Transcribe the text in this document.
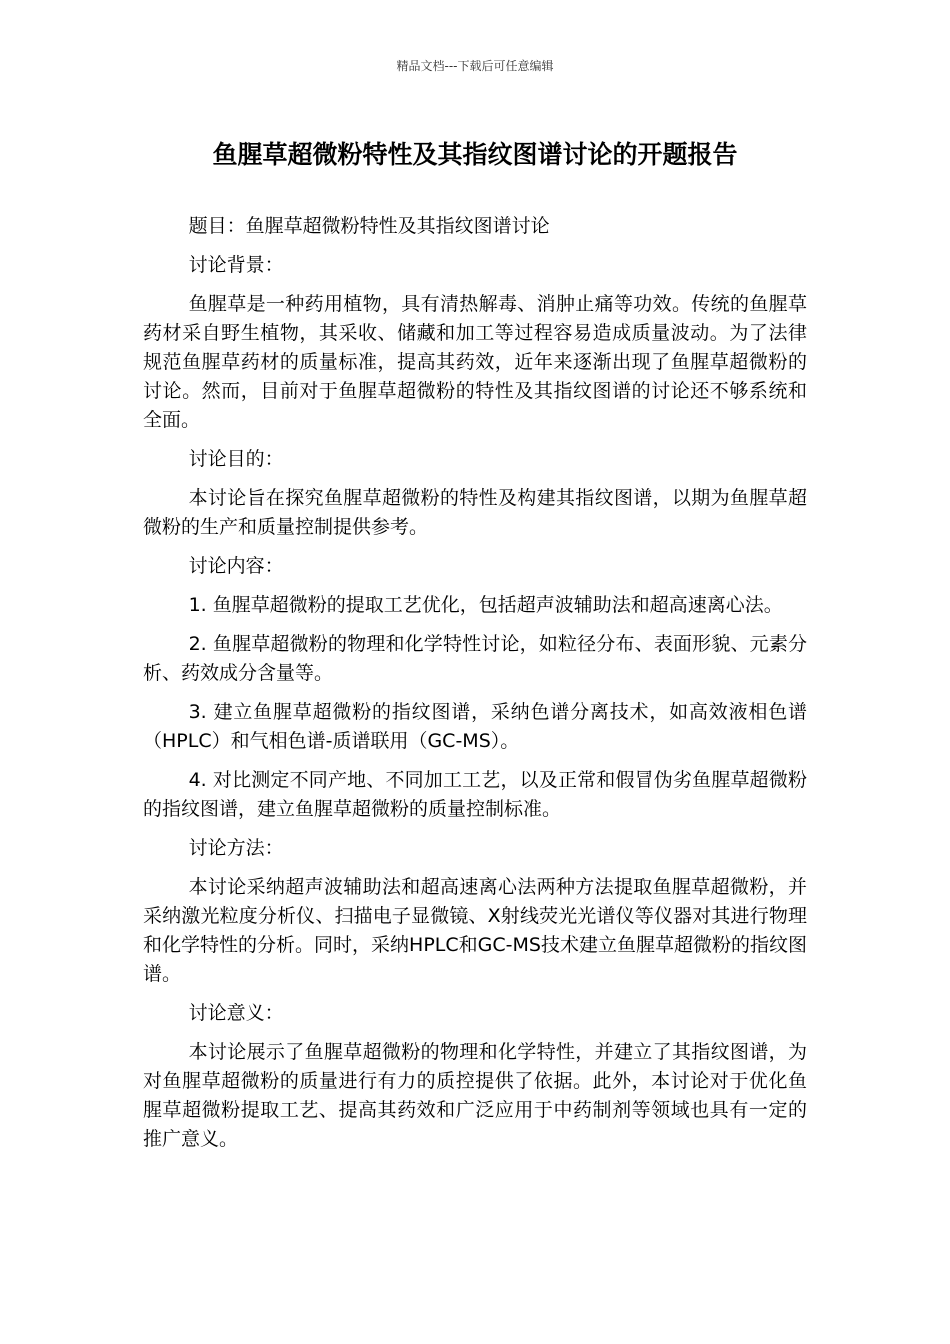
精品文档---下载后可任意编辑
鱼腥草超微粉特性及其指纹图谱讨论的开题报告

题目：鱼腥草超微粉特性及其指纹图谱讨论

讨论背景：

鱼腥草是一种药用植物，具有清热解毒、消肿止痛等功效。传统的鱼腥草药材采自野生植物，其采收、储藏和加工等过程容易造成质量波动。为了法律规范鱼腥草药材的质量标准，提高其药效，近年来逐渐出现了鱼腥草超微粉的讨论。然而，目前对于鱼腥草超微粉的特性及其指纹图谱的讨论还不够系统和全面。

讨论目的：

本讨论旨在探究鱼腥草超微粉的特性及构建其指纹图谱，以期为鱼腥草超微粉的生产和质量控制提供参考。

讨论内容：

1. 鱼腥草超微粉的提取工艺优化，包括超声波辅助法和超高速离心法。

2. 鱼腥草超微粉的物理和化学特性讨论，如粒径分布、表面形貌、元素分析、药效成分含量等。

3. 建立鱼腥草超微粉的指纹图谱，采纳色谱分离技术，如高效液相色谱（HPLC）和气相色谱-质谱联用（GC-MS）。

4. 对比测定不同产地、不同加工工艺，以及正常和假冒伪劣鱼腥草超微粉的指纹图谱，建立鱼腥草超微粉的质量控制标准。

讨论方法：

本讨论采纳超声波辅助法和超高速离心法两种方法提取鱼腥草超微粉，并采纳激光粒度分析仪、扫描电子显微镜、X射线荧光光谱仪等仪器对其进行物理和化学特性的分析。同时，采纳HPLC和GC-MS技术建立鱼腥草超微粉的指纹图谱。

讨论意义：

本讨论展示了鱼腥草超微粉的物理和化学特性，并建立了其指纹图谱，为对鱼腥草超微粉的质量进行有力的质控提供了依据。此外，本讨论对于优化鱼腥草超微粉提取工艺、提高其药效和广泛应用于中药制剂等领域也具有一定的推广意义。
